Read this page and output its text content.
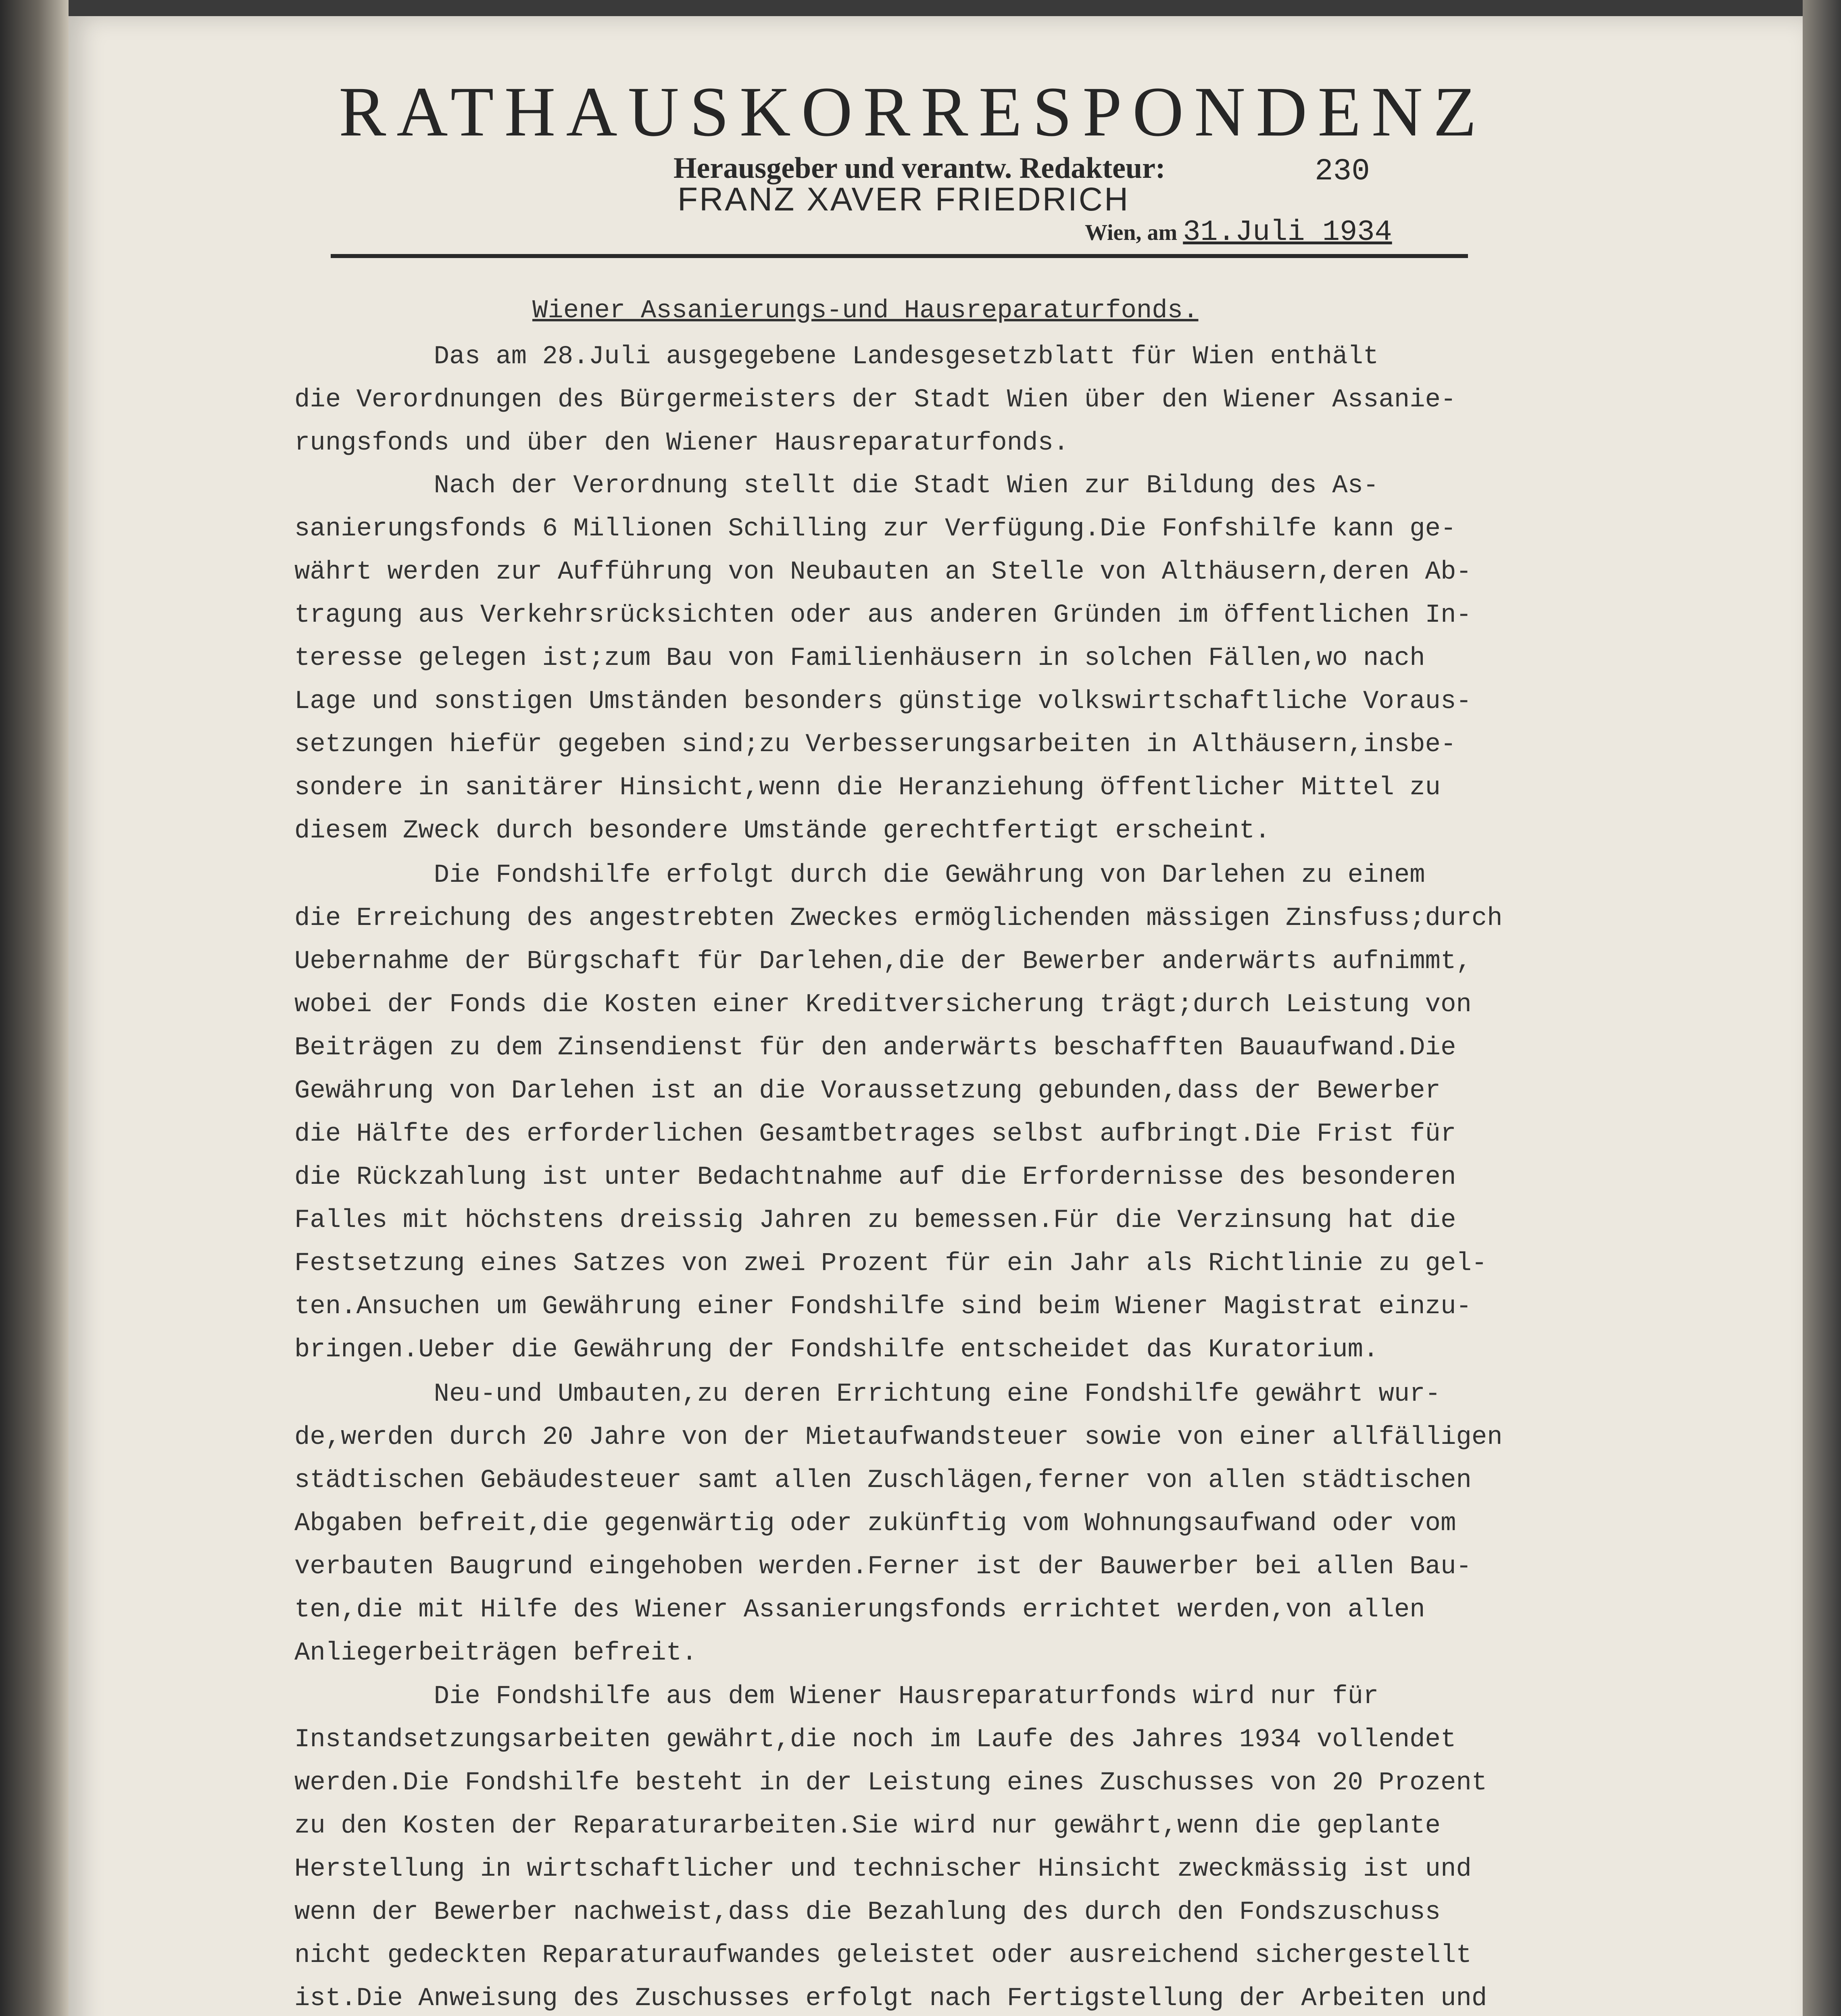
RATHAUSKORRESPONDENZ
Herausgeber und verantw. Redakteur:
FRANZ XAVER FRIEDRICH
230
Wien, am 31.Juli 1934
Wiener Assanierungs-und Hausreparaturfonds.
Das am 28.Juli ausgegebene Landesgesetzblatt für Wien enthält
die Verordnungen des Bürgermeisters der Stadt Wien über den Wiener Assanie-
rungsfonds und über den Wiener Hausreparaturfonds.
Nach der Verordnung stellt die Stadt Wien zur Bildung des As-
sanierungsfonds 6 Millionen Schilling zur Verfügung.Die Fonfshilfe kann ge-
währt werden zur Aufführung von Neubauten an Stelle von Althäusern,deren Ab-
tragung aus Verkehrsrücksichten oder aus anderen Gründen im öffentlichen In-
teresse gelegen ist;zum Bau von Familienhäusern in solchen Fällen,wo nach
Lage und sonstigen Umständen besonders günstige volkswirtschaftliche Voraus-
setzungen hiefür gegeben sind;zu Verbesserungsarbeiten in Althäusern,insbe-
sondere in sanitärer Hinsicht,wenn die Heranziehung öffentlicher Mittel zu
diesem Zweck durch besondere Umstände gerechtfertigt erscheint.
Die Fondshilfe erfolgt durch die Gewährung von Darlehen zu einem
die Erreichung des angestrebten Zweckes ermöglichenden mässigen Zinsfuss;durch
Uebernahme der Bürgschaft für Darlehen,die der Bewerber anderwärts aufnimmt,
wobei der Fonds die Kosten einer Kreditversicherung trägt;durch Leistung von
Beiträgen zu dem Zinsendienst für den anderwärts beschafften Bauaufwand.Die
Gewährung von Darlehen ist an die Voraussetzung gebunden,dass der Bewerber
die Hälfte des erforderlichen Gesamtbetrages selbst aufbringt.Die Frist für
die Rückzahlung ist unter Bedachtnahme auf die Erfordernisse des besonderen
Falles mit höchstens dreissig Jahren zu bemessen.Für die Verzinsung hat die
Festsetzung eines Satzes von zwei Prozent für ein Jahr als Richtlinie zu gel-
ten.Ansuchen um Gewährung einer Fondshilfe sind beim Wiener Magistrat einzu-
bringen.Ueber die Gewährung der Fondshilfe entscheidet das Kuratorium.
Neu-und Umbauten,zu deren Errichtung eine Fondshilfe gewährt wur-
de,werden durch 20 Jahre von der Mietaufwandsteuer sowie von einer allfälligen
städtischen Gebäudesteuer samt allen Zuschlägen,ferner von allen städtischen
Abgaben befreit,die gegenwärtig oder zukünftig vom Wohnungsaufwand oder vom
verbauten Baugrund eingehoben werden.Ferner ist der Bauwerber bei allen Bau-
ten,die mit Hilfe des Wiener Assanierungsfonds errichtet werden,von allen
Anliegerbeiträgen befreit.
Die Fondshilfe aus dem Wiener Hausreparaturfonds wird nur für
Instandsetzungsarbeiten gewährt,die noch im Laufe des Jahres 1934 vollendet
werden.Die Fondshilfe besteht in der Leistung eines Zuschusses von 20 Prozent
zu den Kosten der Reparaturarbeiten.Sie wird nur gewährt,wenn die geplante
Herstellung in wirtschaftlicher und technischer Hinsicht zweckmässig ist und
wenn der Bewerber nachweist,dass die Bezahlung des durch den Fondszuschuss
nicht gedeckten Reparaturaufwandes geleistet oder ausreichend sichergestellt
ist.Die Anweisung des Zuschusses erfolgt nach Fertigstellung der Arbeiten und
